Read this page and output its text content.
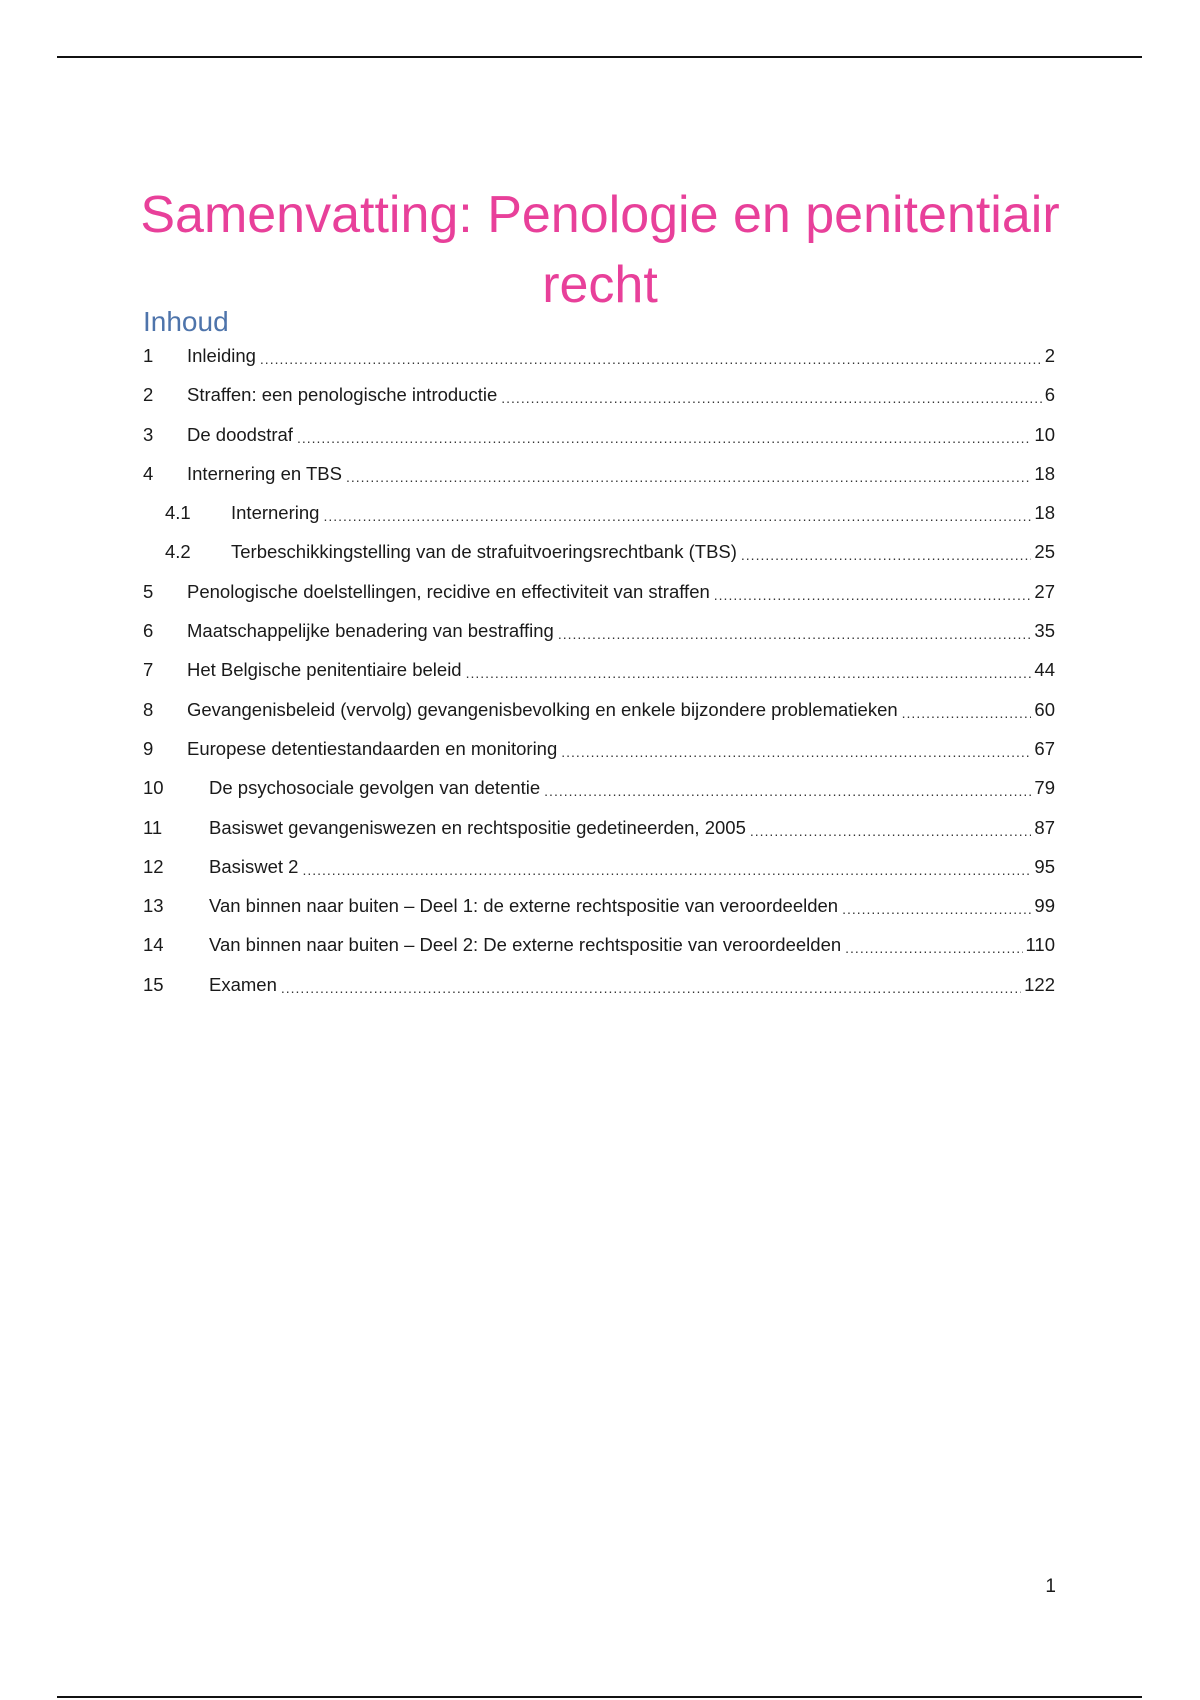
Samenvatting: Penologie en penitentiair recht
Inhoud
1	Inleiding .....	2
2	Straffen: een penologische introductie .....	6
3	De doodstraf .....	10
4	Internering en TBS .....	18
4.1	Internering .....	18
4.2	Terbeschikkingstelling van de strafuitvoeringsrechtbank (TBS) .....	25
5	Penologische doelstellingen, recidive en effectiviteit van straffen .....	27
6	Maatschappelijke benadering van bestraffing .....	35
7	Het Belgische penitentiaire beleid .....	44
8	Gevangenisbeleid (vervolg) gevangenisbevolking en enkele bijzondere problematieken .....	60
9	Europese detentiestandaarden en monitoring .....	67
10	De psychosociale gevolgen van detentie .....	79
11	Basiswet gevangeniswezen en rechtspositie gedetineerden, 2005 .....	87
12	Basiswet 2 .....	95
13	Van binnen naar buiten – Deel 1: de externe rechtspositie van veroordeelden .....	99
14	Van binnen naar buiten – Deel 2: De externe rechtspositie van veroordeelden .....	110
15	Examen .....	122
1
